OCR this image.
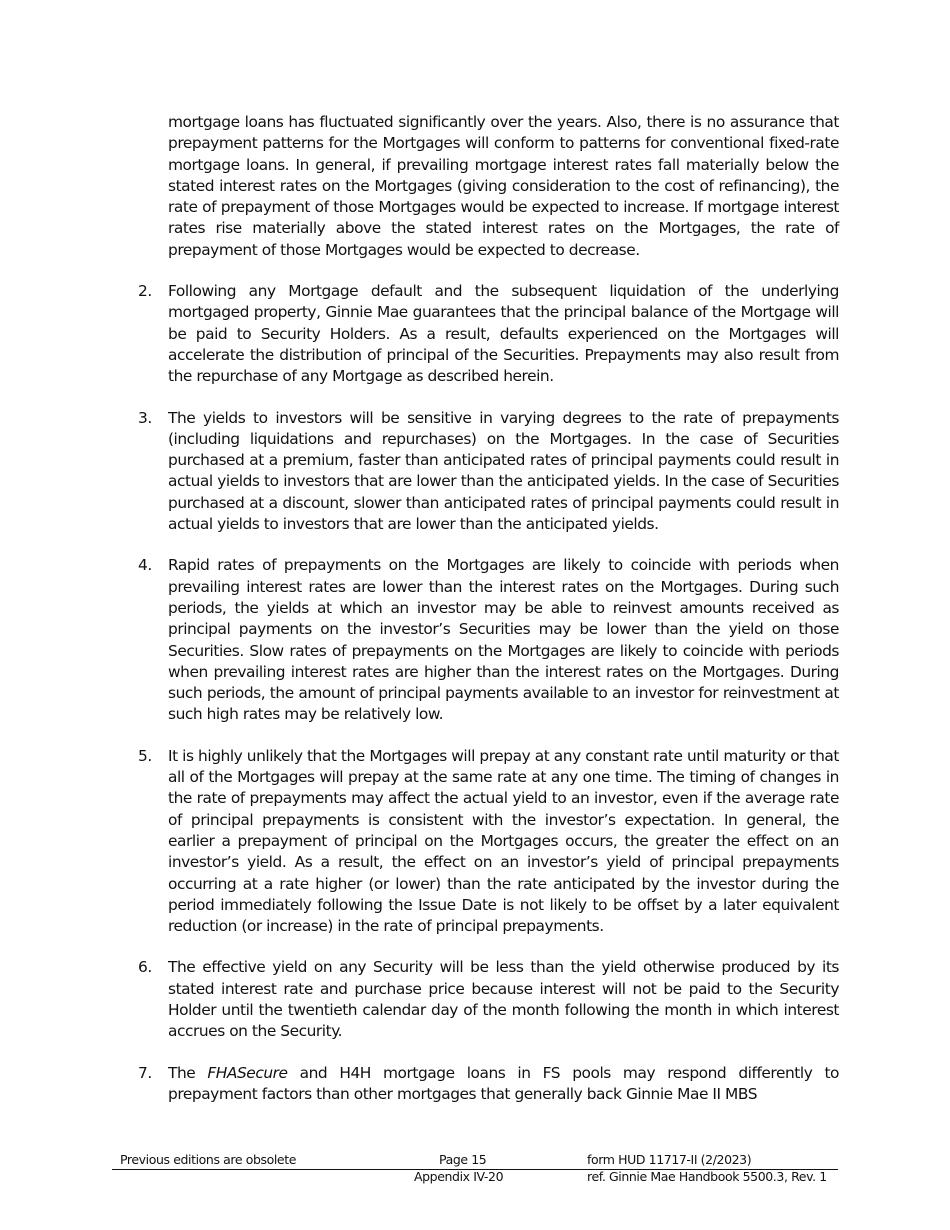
mortgage loans has fluctuated significantly over the years. Also, there is no assurance that prepayment patterns for the Mortgages will conform to patterns for conventional fixed-rate mortgage loans. In general, if prevailing mortgage interest rates fall materially below the stated interest rates on the Mortgages (giving consideration to the cost of refinancing), the rate of prepayment of those Mortgages would be expected to increase. If mortgage interest rates rise materially above the stated interest rates on the Mortgages, the rate of prepayment of those Mortgages would be expected to decrease.

2. Following any Mortgage default and the subsequent liquidation of the underlying mortgaged property, Ginnie Mae guarantees that the principal balance of the Mortgage will be paid to Security Holders. As a result, defaults experienced on the Mortgages will accelerate the distribution of principal of the Securities. Prepayments may also result from the repurchase of any Mortgage as described herein.
3. The yields to investors will be sensitive in varying degrees to the rate of prepayments (including liquidations and repurchases) on the Mortgages. In the case of Securities purchased at a premium, faster than anticipated rates of principal payments could result in actual yields to investors that are lower than the anticipated yields. In the case of Securities purchased at a discount, slower than anticipated rates of principal payments could result in actual yields to investors that are lower than the anticipated yields.
4. Rapid rates of prepayments on the Mortgages are likely to coincide with periods when prevailing interest rates are lower than the interest rates on the Mortgages. During such periods, the yields at which an investor may be able to reinvest amounts received as principal payments on the investor’s Securities may be lower than the yield on those Securities. Slow rates of prepayments on the Mortgages are likely to coincide with periods when prevailing interest rates are higher than the interest rates on the Mortgages. During such periods, the amount of principal payments available to an investor for reinvestment at such high rates may be relatively low.
5. It is highly unlikely that the Mortgages will prepay at any constant rate until maturity or that all of the Mortgages will prepay at the same rate at any one time. The timing of changes in the rate of prepayments may affect the actual yield to an investor, even if the average rate of principal prepayments is consistent with the investor’s expectation. In general, the earlier a prepayment of principal on the Mortgages occurs, the greater the effect on an investor’s yield. As a result, the effect on an investor’s yield of principal prepayments occurring at a rate higher (or lower) than the rate anticipated by the investor during the period immediately following the Issue Date is not likely to be offset by a later equivalent reduction (or increase) in the rate of principal prepayments.
6. The effective yield on any Security will be less than the yield otherwise produced by its stated interest rate and purchase price because interest will not be paid to the Security Holder until the twentieth calendar day of the month following the month in which interest accrues on the Security.
7. The FHASecure and H4H mortgage loans in FS pools may respond differently to prepayment factors than other mortgages that generally back Ginnie Mae II MBS
Previous editions are obsolete	Page 15	form HUD 11717-II (2/2023)
Appendix IV-20	ref. Ginnie Mae Handbook 5500.3, Rev. 1
